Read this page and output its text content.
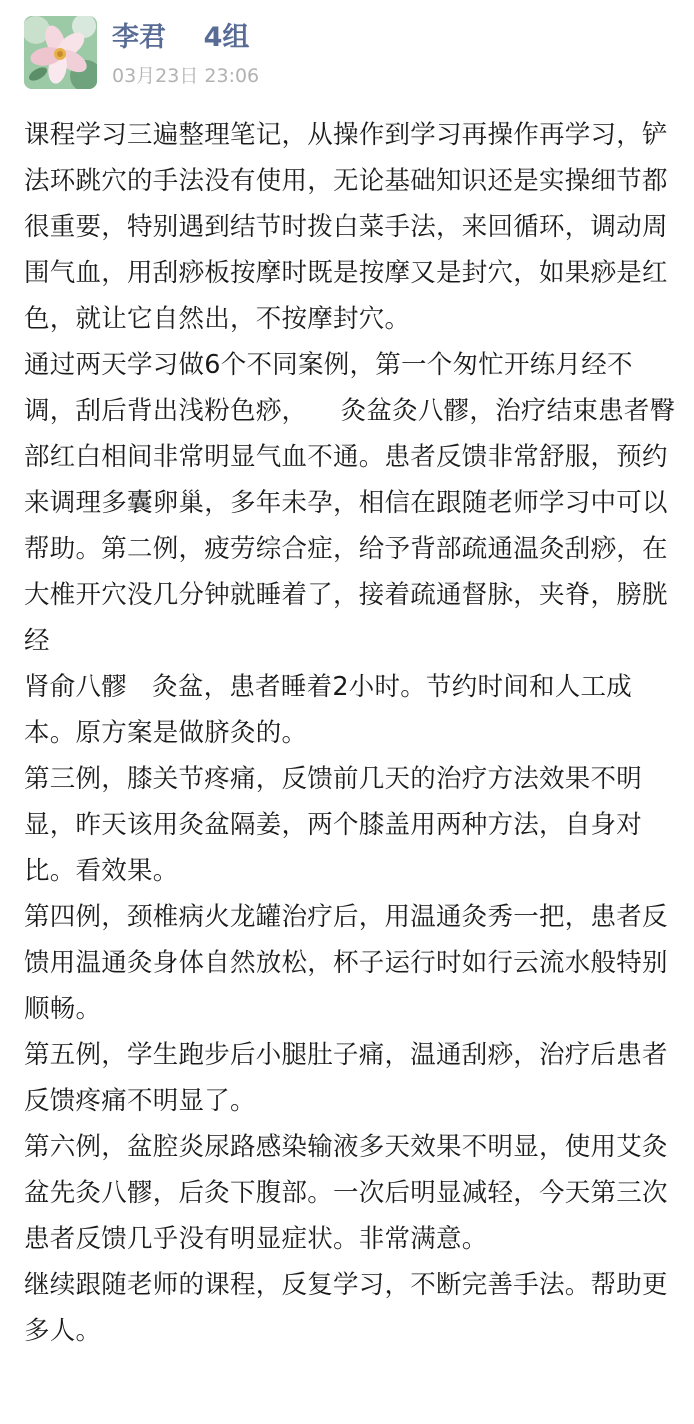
李君    4组
03月23日 23:06

课程学习三遍整理笔记，从操作到学习再操作再学习，铲法环跳穴的手法没有使用，无论基础知识还是实操细节都很重要，特别遇到结节时拨白菜手法，来回循环，调动周围气血，用刮痧板按摩时既是按摩又是封穴，如果痧是红色，就让它自然出，不按摩封穴。

通过两天学习做6个不同案例，第一个匆忙开练月经不调，刮后背出浅粉色痧，    灸盆灸八髎，治疗结束患者臀部红白相间非常明显气血不通。患者反馈非常舒服，预约来调理多囊卵巢，多年未孕，相信在跟随老师学习中可以帮助。第二例，疲劳综合症，给予背部疏通温灸刮痧，在大椎开穴没几分钟就睡着了，接着疏通督脉，夹脊，膀胱经

肾俞八髎   灸盆，患者睡着2小时。节约时间和人工成本。原方案是做脐灸的。

第三例，膝关节疼痛，反馈前几天的治疗方法效果不明显，昨天该用灸盆隔姜，两个膝盖用两种方法，自身对比。看效果。

第四例，颈椎病火龙罐治疗后，用温通灸秀一把，患者反馈用温通灸身体自然放松，杯子运行时如行云流水般特别顺畅。

第五例，学生跑步后小腿肚子痛，温通刮痧，治疗后患者反馈疼痛不明显了。

第六例，盆腔炎尿路感染输液多天效果不明显，使用艾灸盆先灸八髎，后灸下腹部。一次后明显减轻，今天第三次患者反馈几乎没有明显症状。非常满意。

继续跟随老师的课程，反复学习，不断完善手法。帮助更多人。
